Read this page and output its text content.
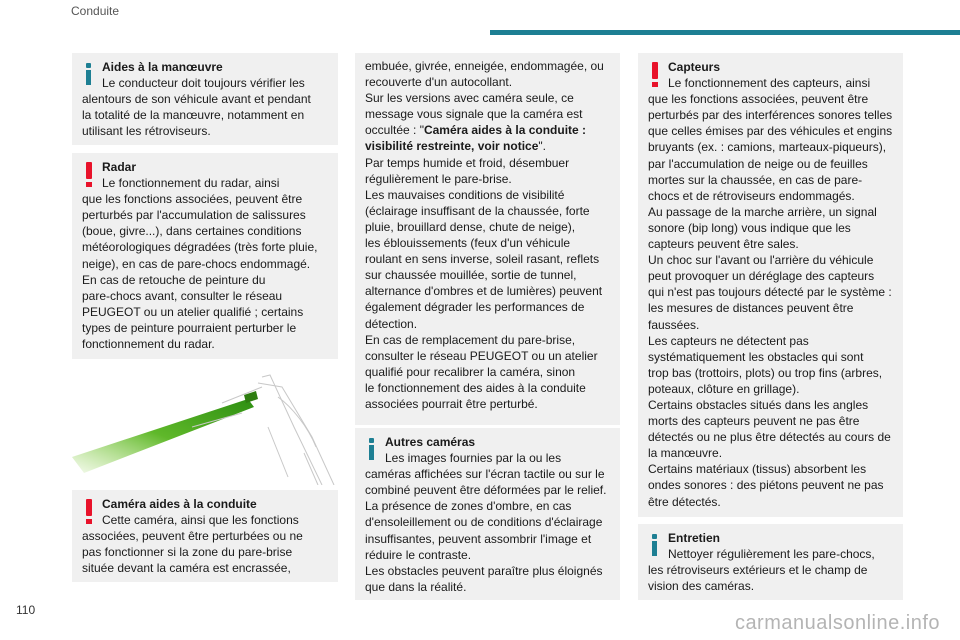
Conduite
Aides à la manœuvre
Le conducteur doit toujours vérifier les
alentours de son véhicule avant et pendant
la totalité de la manœuvre, notamment en
utilisant les rétroviseurs.
Radar
Le fonctionnement du radar, ainsi
que les fonctions associées, peuvent être
perturbés par l'accumulation de salissures
(boue, givre...), dans certaines conditions
météorologiques dégradées (très forte pluie,
neige), en cas de pare-chocs endommagé.
En cas de retouche de peinture du
pare-chocs avant, consulter le réseau
PEUGEOT ou un atelier qualifié ; certains
types de peinture pourraient perturber le
fonctionnement du radar.
Caméra aides à la conduite
Cette caméra, ainsi que les fonctions
associées, peuvent être perturbées ou ne
pas fonctionner si la zone du pare-brise
située devant la caméra est encrassée,
embuée, givrée, enneigée, endommagée, ou
recouverte d'un autocollant.
Sur les versions avec caméra seule, ce
message vous signale que la caméra est
occultée : "Caméra aides à la conduite :
visibilité restreinte, voir notice".
Par temps humide et froid, désembuer
régulièrement le pare-brise.
Les mauvaises conditions de visibilité
(éclairage insuffisant de la chaussée, forte
pluie, brouillard dense, chute de neige),
les éblouissements (feux d'un véhicule
roulant en sens inverse, soleil rasant, reflets
sur chaussée mouillée, sortie de tunnel,
alternance d'ombres et de lumières) peuvent
également dégrader les performances de
détection.
En cas de remplacement du pare-brise,
consulter le réseau PEUGEOT ou un atelier
qualifié pour recalibrer la caméra, sinon
le fonctionnement des aides à la conduite
associées pourrait être perturbé.
Autres caméras
Les images fournies par la ou les
caméras affichées sur l'écran tactile ou sur le
combiné peuvent être déformées par le relief.
La présence de zones d'ombre, en cas
d'ensoleillement ou de conditions d'éclairage
insuffisantes, peuvent assombrir l'image et
réduire le contraste.
Les obstacles peuvent paraître plus éloignés
que dans la réalité.
Capteurs
Le fonctionnement des capteurs, ainsi
que les fonctions associées, peuvent être
perturbés par des interférences sonores telles
que celles émises par des véhicules et engins
bruyants (ex. : camions, marteaux-piqueurs),
par l'accumulation de neige ou de feuilles
mortes sur la chaussée, en cas de pare-
chocs et de rétroviseurs endommagés.
Au passage de la marche arrière, un signal
sonore (bip long) vous indique que les
capteurs peuvent être sales.
Un choc sur l'avant ou l'arrière du véhicule
peut provoquer un déréglage des capteurs
qui n'est pas toujours détecté par le système :
les mesures de distances peuvent être
faussées.
Les capteurs ne détectent pas
systématiquement les obstacles qui sont
trop bas (trottoirs, plots) ou trop fins (arbres,
poteaux, clôture en grillage).
Certains obstacles situés dans les angles
morts des capteurs peuvent ne pas être
détectés ou ne plus être détectés au cours de
la manœuvre.
Certains matériaux (tissus) absorbent les
ondes sonores : des piétons peuvent ne pas
être détectés.
Entretien
Nettoyer régulièrement les pare-chocs,
les rétroviseurs extérieurs et le champ de
vision des caméras.
110
carmanualsonline.info
